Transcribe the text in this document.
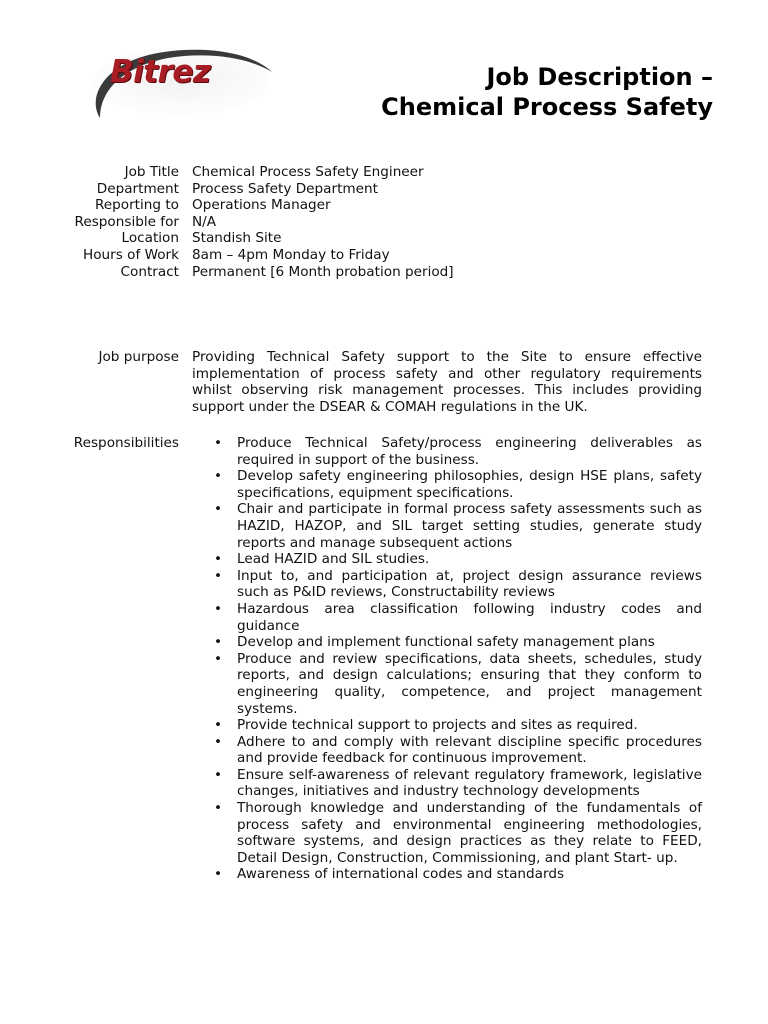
Bitrez	Job Description –
Chemical Process Safety
Job Title Chemical Process Safety Engineer
Department Process Safety Department
Reporting to Operations Manager
Responsible for N/A
Location Standish Site
Hours of Work 8am – 4pm Monday to Friday
Contract Permanent [6 Month probation period]
Job purpose Providing Technical Safety support to the Site to ensure effective implementation of process safety and other regulatory requirements whilst observing risk management processes. This includes providing support under the DSEAR & COMAH regulations in the UK.
Responsibilities	• Produce Technical Safety/process engineering deliverables as required in support of the business.
• Develop safety engineering philosophies, design HSE plans, safety specifications, equipment specifications.
• Chair and participate in formal process safety assessments such as HAZID, HAZOP, and SIL target setting studies, generate study reports and manage subsequent actions
• Lead HAZID and SIL studies.
• Input to, and participation at, project design assurance reviews such as P&ID reviews, Constructability reviews
• Hazardous area classification following industry codes and guidance
• Develop and implement functional safety management plans
• Produce and review specifications, data sheets, schedules, study reports, and design calculations; ensuring that they conform to engineering quality, competence, and project management systems.
• Provide technical support to projects and sites as required.
• Adhere to and comply with relevant discipline specific procedures and provide feedback for continuous improvement.
• Ensure self-awareness of relevant regulatory framework, legislative changes, initiatives and industry technology developments
• Thorough knowledge and understanding of the fundamentals of process safety and environmental engineering methodologies, software systems, and design practices as they relate to FEED, Detail Design, Construction, Commissioning, and plant Start- up.
• Awareness of international codes and standards
